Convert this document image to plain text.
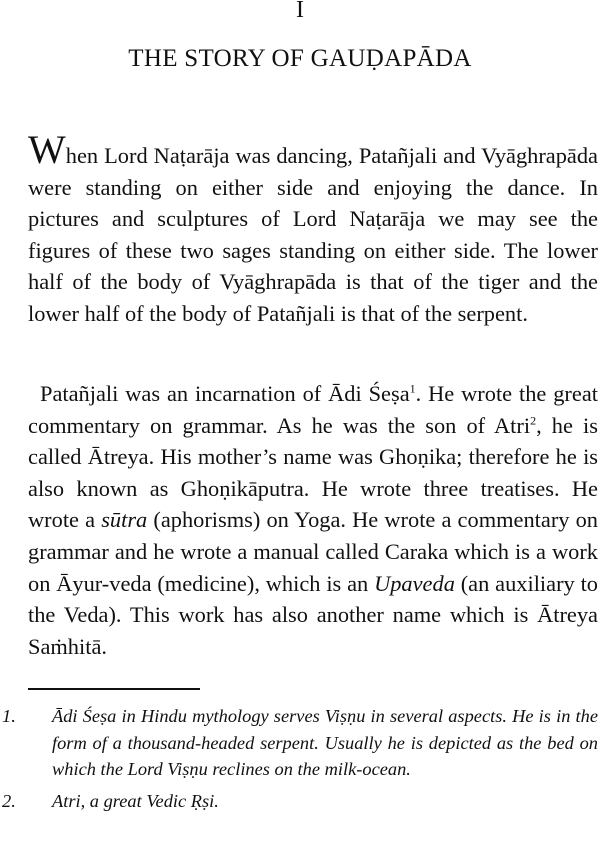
I
THE STORY OF GAUḌAPĀDA
When Lord Naṭarāja was dancing, Patañjali and Vyāghrapāda were standing on either side and enjoying the dance. In pictures and sculptures of Lord Naṭarāja we may see the figures of these two sages standing on either side. The lower half of the body of Vyāghrapāda is that of the tiger and the lower half of the body of Patañjali is that of the serpent.
Patañjali was an incarnation of Ādi Śeṣa$^1$. He wrote the great commentary on grammar. As he was the son of Atri$^2$, he is called Ātreya. His mother’s name was Ghoṇika; therefore he is also known as Ghoṇikāputra. He wrote three treatises. He wrote a sūtra (aphorisms) on Yoga. He wrote a commentary on grammar and he wrote a manual called Caraka which is a work on Āyur-veda (medicine), which is an Upaveda (an auxiliary to the Veda). This work has also another name which is Ātreya Saṁhitā.
1. Ādi Śeṣa in Hindu mythology serves Viṣṇu in several aspects. He is in the form of a thousand-headed serpent. Usually he is depicted as the bed on which the Lord Viṣṇu reclines on the milk-ocean.
2. Atri, a great Vedic Ṛṣi.
